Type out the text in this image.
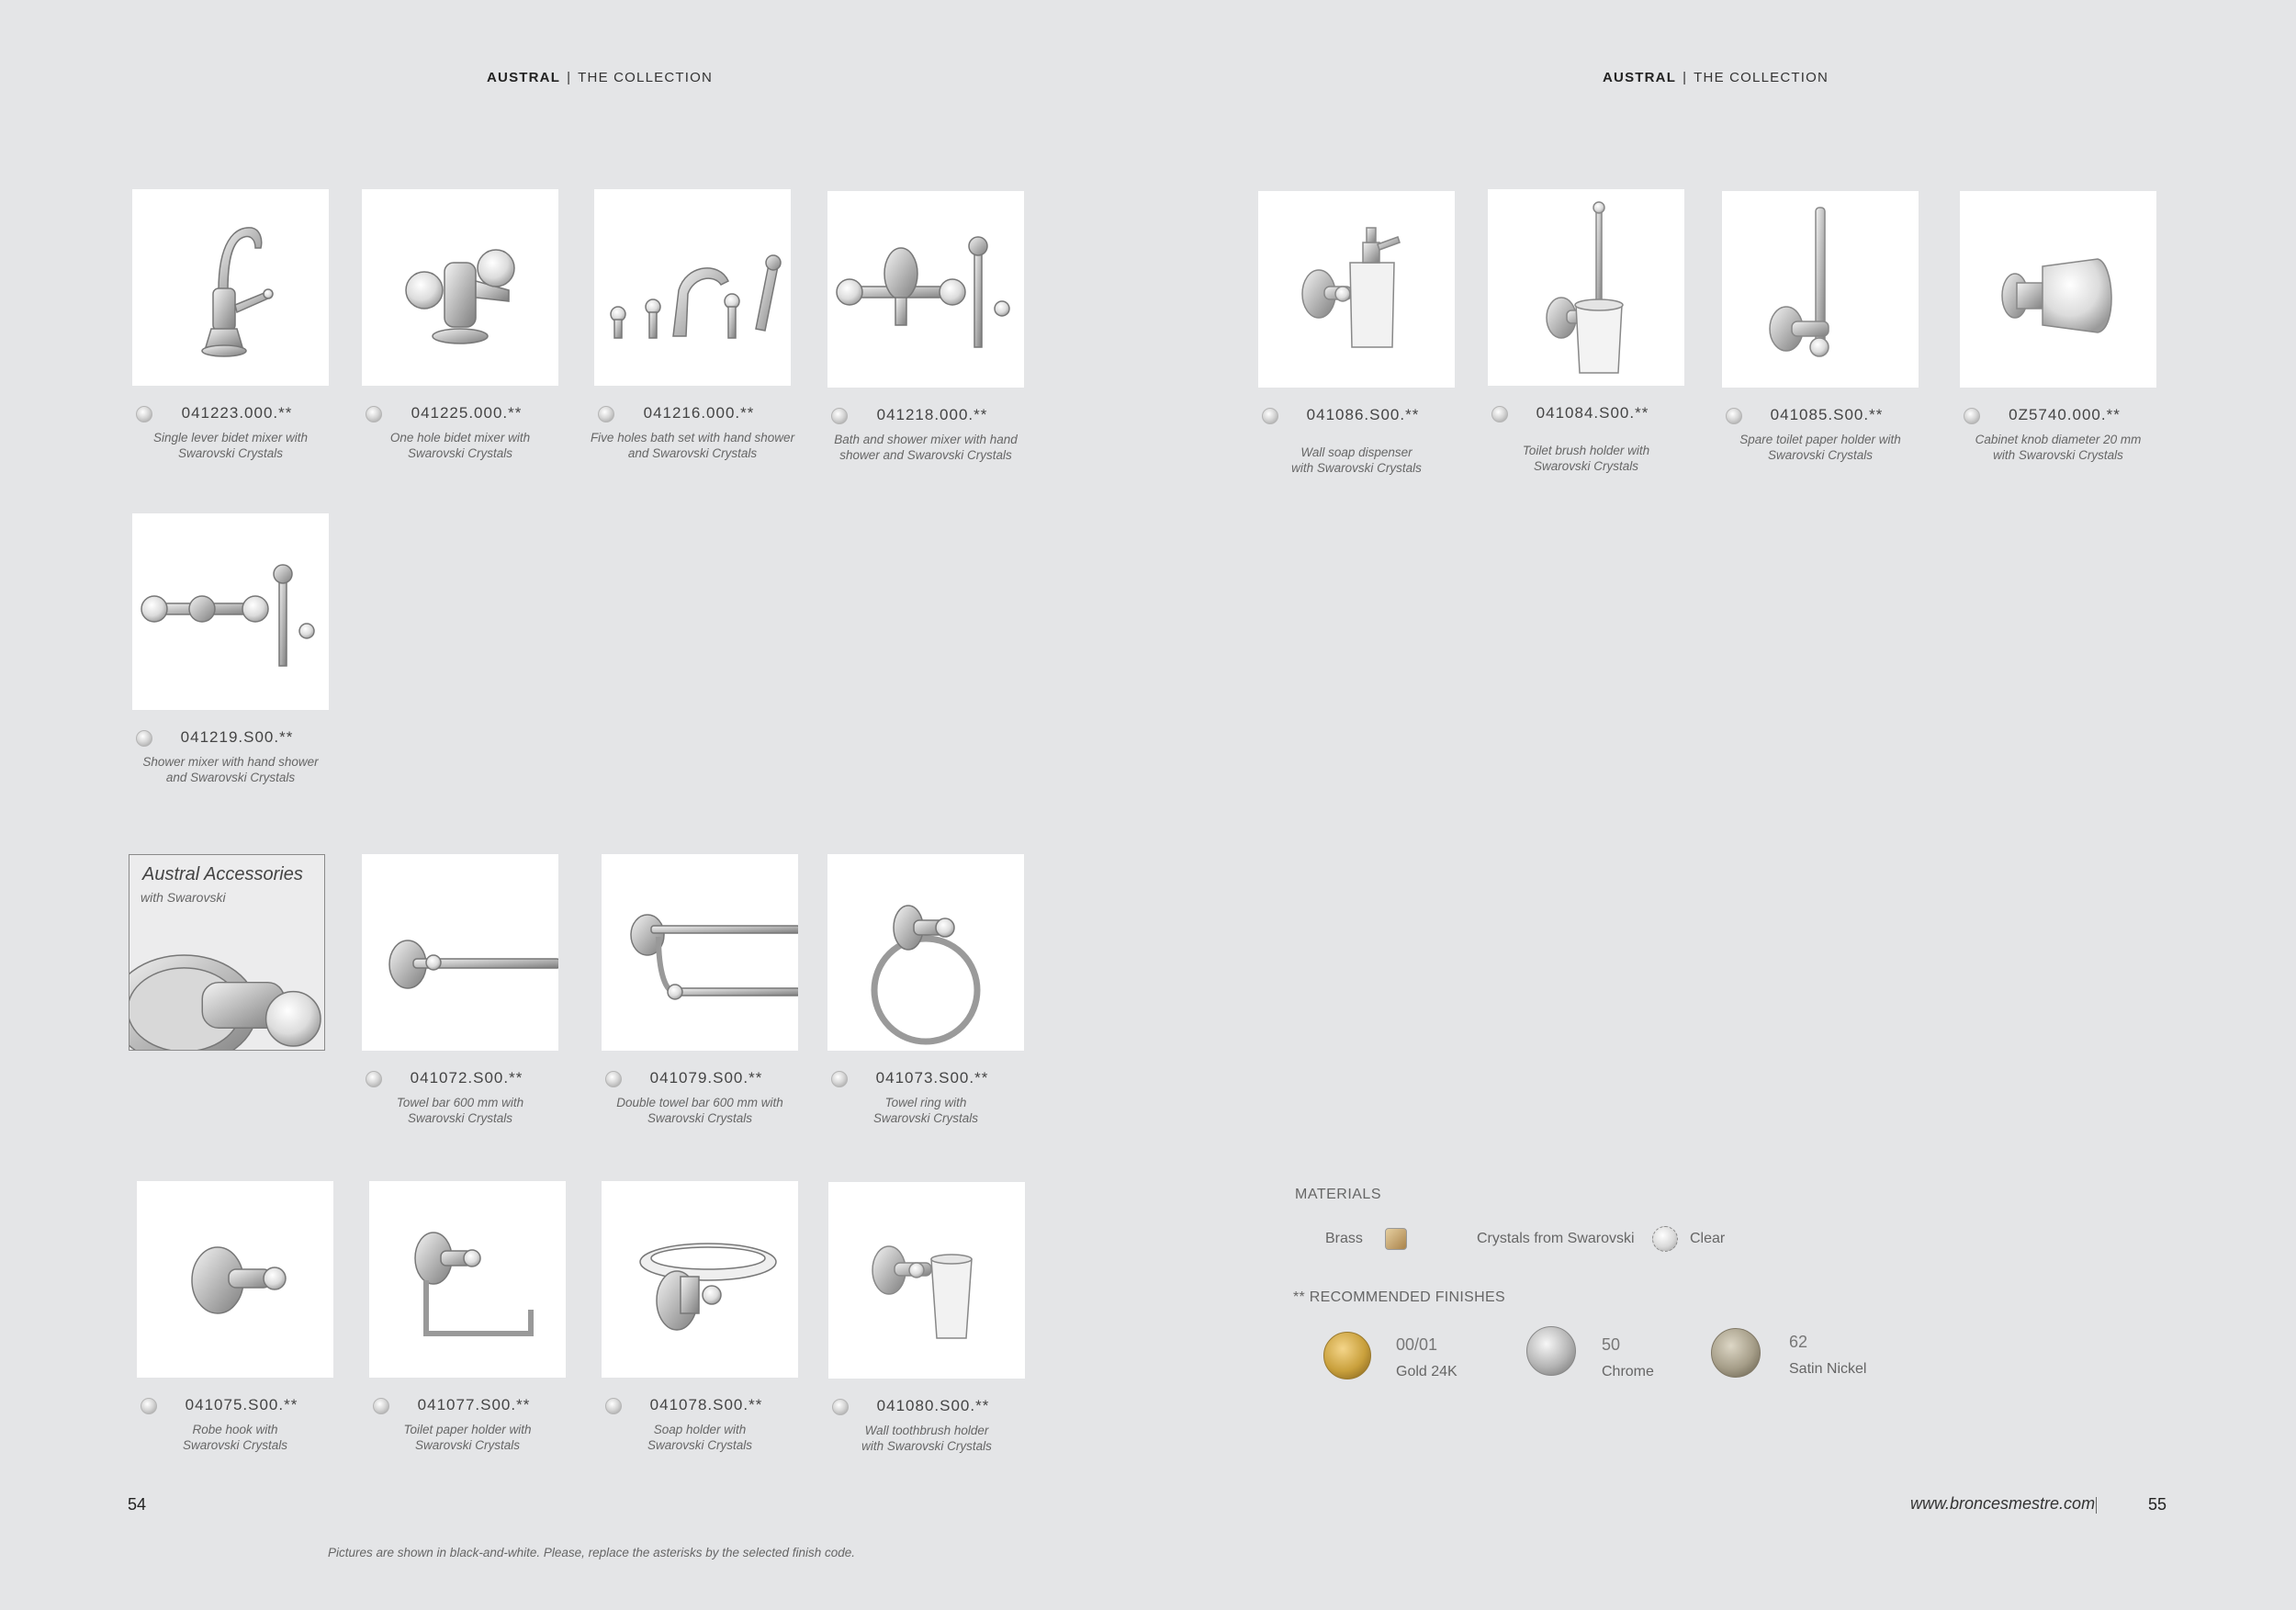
AUSTRAL | THE COLLECTION	AUSTRAL | THE COLLECTION
041223.000.**
Single lever bidet mixer with
Swarovski Crystals
041225.000.**
One hole bidet mixer with
Swarovski Crystals
041216.000.**
Five holes bath set with hand shower
and Swarovski Crystals
041218.000.**
Bath and shower mixer with hand
shower and Swarovski Crystals
041219.S00.**
Shower mixer with hand shower
and Swarovski Crystals
Austral Accessories
with Swarovski
041072.S00.**
Towel bar 600 mm with
Swarovski Crystals
041079.S00.**
Double towel bar 600 mm with
Swarovski Crystals
041073.S00.**
Towel ring with
Swarovski Crystals
041075.S00.**
Robe hook with
Swarovski Crystals
041077.S00.**
Toilet paper holder with
Swarovski Crystals
041078.S00.**
Soap holder with
Swarovski Crystals
041080.S00.**
Wall toothbrush holder
with Swarovski Crystals
041086.S00.**
Wall soap dispenser
with Swarovski Crystals
041084.S00.**
Toilet brush holder with
Swarovski Crystals
041085.S00.**
Spare toilet paper holder with
Swarovski Crystals
0Z5740.000.**
Cabinet knob diameter 20 mm
with Swarovski Crystals
MATERIALS
Brass	Crystals from Swarovski	Clear
** RECOMMENDED FINISHES
00/01
Gold 24K
50
Chrome
62
Satin Nickel
54	www.broncesmestre.com	55
Pictures are shown in black-and-white. Please, replace the asterisks by the selected finish code.
